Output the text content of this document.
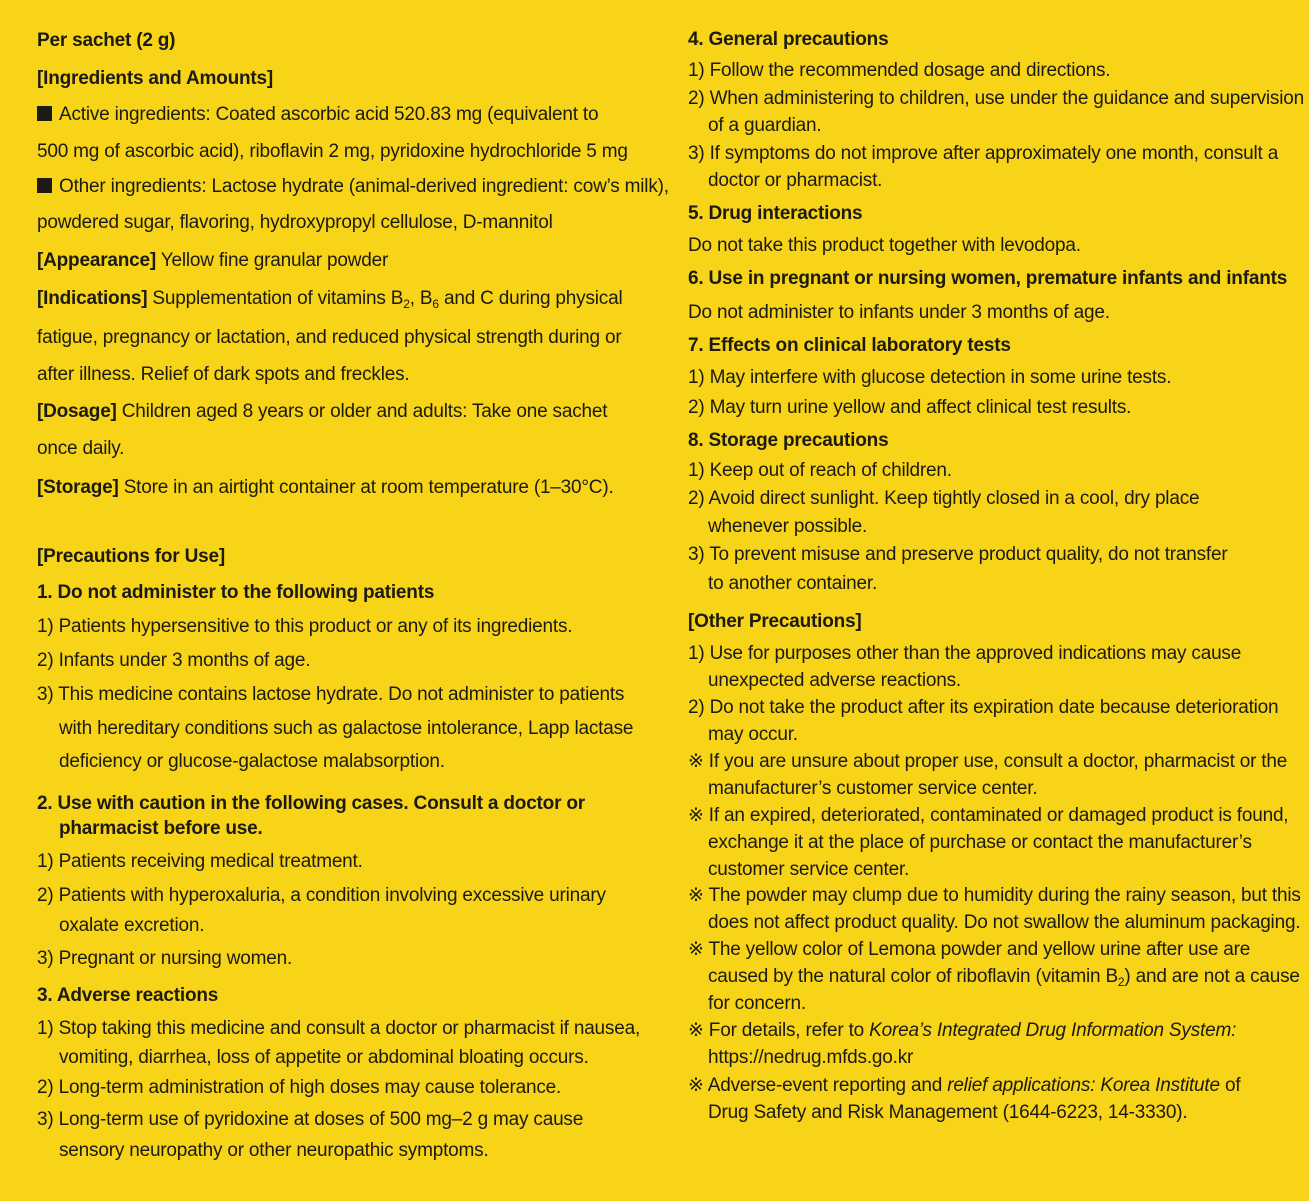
Per sachet (2 g)
[Ingredients and Amounts]
Active ingredients: Coated ascorbic acid 520.83 mg (equivalent to
500 mg of ascorbic acid), riboflavin 2 mg, pyridoxine hydrochloride 5 mg
Other ingredients: Lactose hydrate (animal-derived ingredient: cow’s milk),
powdered sugar, flavoring, hydroxypropyl cellulose, D-mannitol
[Appearance] Yellow fine granular powder
[Indications] Supplementation of vitamins $B_2$, $B_6$ and C during physical
fatigue, pregnancy or lactation, and reduced physical strength during or
after illness. Relief of dark spots and freckles.
[Dosage] Children aged 8 years or older and adults: Take one sachet
once daily.
[Storage] Store in an airtight container at room temperature (1–30°C).
[Precautions for Use]
1. Do not administer to the following patients
1) Patients hypersensitive to this product or any of its ingredients.
2) Infants under 3 months of age.
3) This medicine contains lactose hydrate. Do not administer to patients
with hereditary conditions such as galactose intolerance, Lapp lactase
deficiency or glucose-galactose malabsorption.
2. Use with caution in the following cases. Consult a doctor or
pharmacist before use.
1) Patients receiving medical treatment.
2) Patients with hyperoxaluria, a condition involving excessive urinary
oxalate excretion.
3) Pregnant or nursing women.
3. Adverse reactions
1) Stop taking this medicine and consult a doctor or pharmacist if nausea,
vomiting, diarrhea, loss of appetite or abdominal bloating occurs.
2) Long-term administration of high doses may cause tolerance.
3) Long-term use of pyridoxine at doses of 500 mg–2 g may cause
sensory neuropathy or other neuropathic symptoms.
4. General precautions
1) Follow the recommended dosage and directions.
2) When administering to children, use under the guidance and supervision
of a guardian.
3) If symptoms do not improve after approximately one month, consult a
doctor or pharmacist.
5. Drug interactions
Do not take this product together with levodopa.
6. Use in pregnant or nursing women, premature infants and infants
Do not administer to infants under 3 months of age.
7. Effects on clinical laboratory tests
1) May interfere with glucose detection in some urine tests.
2) May turn urine yellow and affect clinical test results.
8. Storage precautions
1) Keep out of reach of children.
2) Avoid direct sunlight. Keep tightly closed in a cool, dry place
whenever possible.
3) To prevent misuse and preserve product quality, do not transfer
to another container.
[Other Precautions]
1) Use for purposes other than the approved indications may cause
unexpected adverse reactions.
2) Do not take the product after its expiration date because deterioration
may occur.
※ If you are unsure about proper use, consult a doctor, pharmacist or the
manufacturer’s customer service center.
※ If an expired, deteriorated, contaminated or damaged product is found,
exchange it at the place of purchase or contact the manufacturer’s
customer service center.
※ The powder may clump due to humidity during the rainy season, but this
does not affect product quality. Do not swallow the aluminum packaging.
※ The yellow color of Lemona powder and yellow urine after use are
caused by the natural color of riboflavin (vitamin $B_2$) and are not a cause
for concern.
※ For details, refer to Korea’s Integrated Drug Information System:
https://nedrug.mfds.go.kr
※ Adverse-event reporting and relief applications: Korea Institute of
Drug Safety and Risk Management (1644-6223, 14-3330).
